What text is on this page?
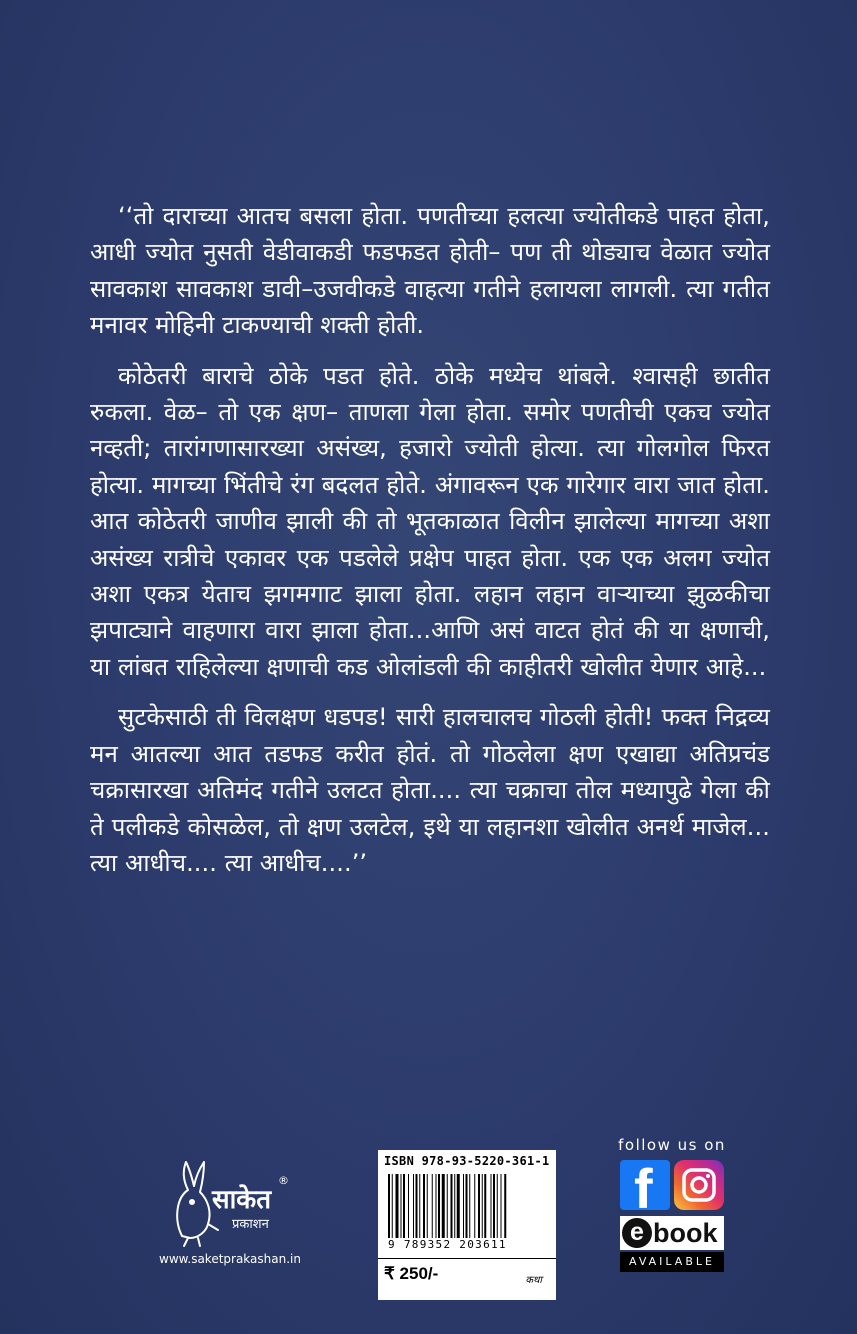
‘‘तो दाराच्या आतच बसला होता. पणतीच्या हलत्या ज्योतीकडे पाहत होता, आधी ज्योत नुसती वेडीवाकडी फडफडत होती– पण ती थोड्याच वेळात ज्योत सावकाश सावकाश डावी–उजवीकडे वाहत्या गतीने हलायला लागली. त्या गतीत मनावर मोहिनी टाकण्याची शक्ती होती.

कोठेतरी बाराचे ठोके पडत होते. ठोके मध्येच थांबले. श्वासही छातीत रुकला. वेळ– तो एक क्षण– ताणला गेला होता. समोर पणतीची एकच ज्योत नव्हती; तारांगणासारख्या असंख्य, हजारो ज्योती होत्या. त्या गोलगोल फिरत होत्या. मागच्या भिंतीचे रंग बदलत होते. अंगावरून एक गारेगार वारा जात होता. आत कोठेतरी जाणीव झाली की तो भूतकाळात विलीन झालेल्या मागच्या अशा असंख्य रात्रीचे एकावर एक पडलेले प्रक्षेप पाहत होता. एक एक अलग ज्योत अशा एकत्र येताच झगमगाट झाला होता. लहान लहान वाऱ्याच्या झुळकीचा झपाट्याने वाहणारा वारा झाला होता...आणि असं वाटत होतं की या क्षणाची, या लांबत राहिलेल्या क्षणाची कड ओलांडली की काहीतरी खोलीत येणार आहे...

सुटकेसाठी ती विलक्षण धडपड! सारी हालचालच गोठली होती! फक्त निद्रव्य मन आतल्या आत तडफड करीत होतं. तो गोठलेला क्षण एखाद्या अतिप्रचंड चक्रासारखा अतिमंद गतीने उलटत होता.... त्या चक्राचा तोल मध्यापुढे गेला की ते पलीकडे कोसळेल, तो क्षण उलटेल, इथे या लहानशा खोलीत अनर्थ माजेल... त्या आधीच.... त्या आधीच....’’

साकेत
प्रकाशन
®
www.saketprakashan.in
ISBN 978-93-5220-361-1
9 789352 203611
₹ 250/-	कथा
follow us on
f
e book
AVAILABLE
